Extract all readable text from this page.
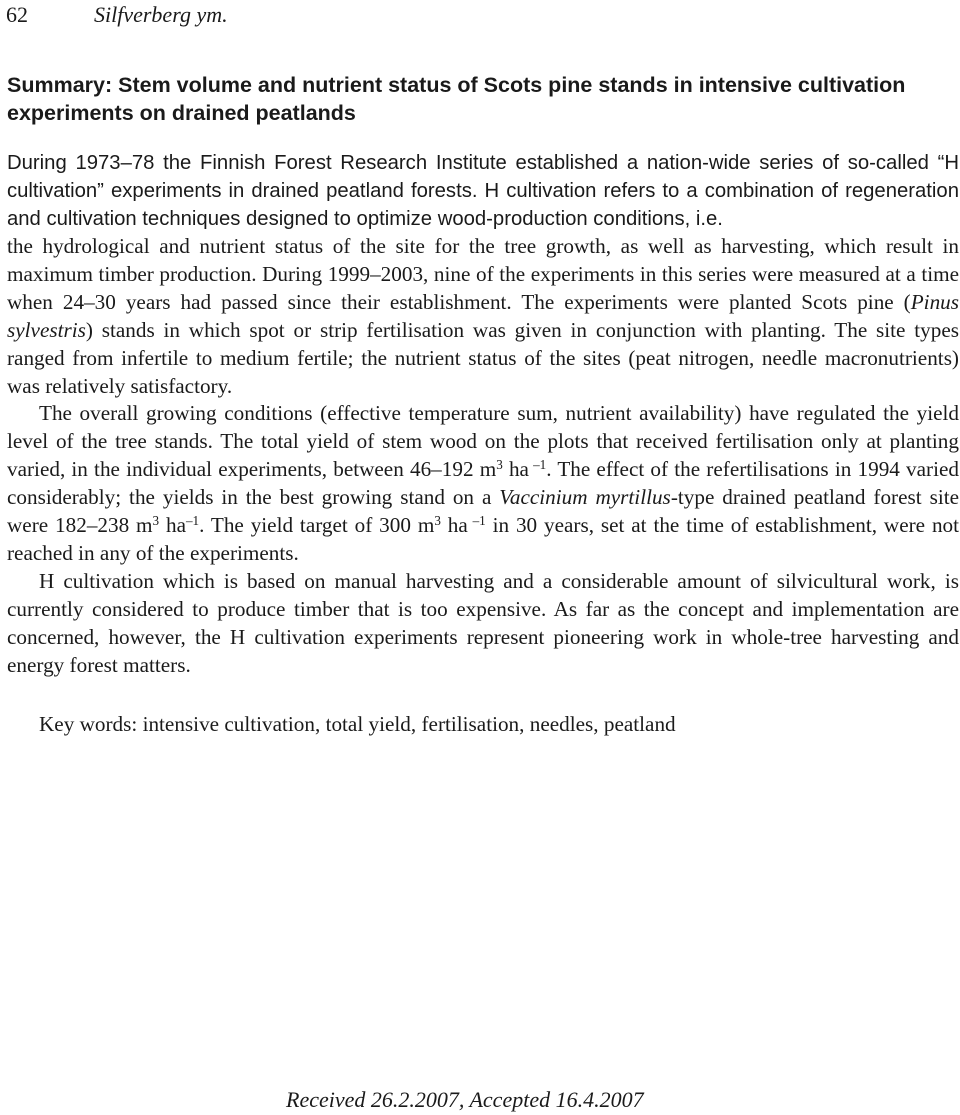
62	Silfverberg ym.
Summary: Stem volume and nutrient status of Scots pine stands in intensive cultivation experiments on drained peatlands

During 1973–78 the Finnish Forest Research Institute established a nation-wide series of so-called “H cultivation” experiments in drained peatland forests. H cultivation refers to a combination of regeneration and cultivation techniques designed to optimize wood-production conditions, i.e.

the hydrological and nutrient status of the site for the tree growth, as well as harvesting, which result in maximum timber production. During 1999–2003, nine of the experiments in this series were measured at a time when 24–30 years had passed since their establishment. The experiments were planted Scots pine (Pinus sylvestris) stands in which spot or strip fertilisation was given in conjunction with planting. The site types ranged from infertile to medium fertile; the nutrient status of the sites (peat nitrogen, needle macronutrients) was relatively satisfactory.

The overall growing conditions (effective temperature sum, nutrient availability) have regulated the yield level of the tree stands. The total yield of stem wood on the plots that received fertilisation only at planting varied, in the individual experiments, between 46–192 $m^3$ ha $^{-1}$. The effect of the refertilisations in 1994 varied considerably; the yields in the best growing stand on a Vaccinium myrtillus-type drained peatland forest site were 182–238 $m^3$ $ha^{-1}$. The yield target of 300 $m^3$ ha $^{-1}$ in 30 years, set at the time of establishment, were not reached in any of the experiments.

H cultivation which is based on manual harvesting and a considerable amount of silvicultural work, is currently considered to produce timber that is too expensive. As far as the concept and implementation are concerned, however, the H cultivation experiments represent pioneering work in whole-tree harvesting and energy forest matters.

Key words: intensive cultivation, total yield, fertilisation, needles, peatland

Received 26.2.2007, Accepted 16.4.2007
